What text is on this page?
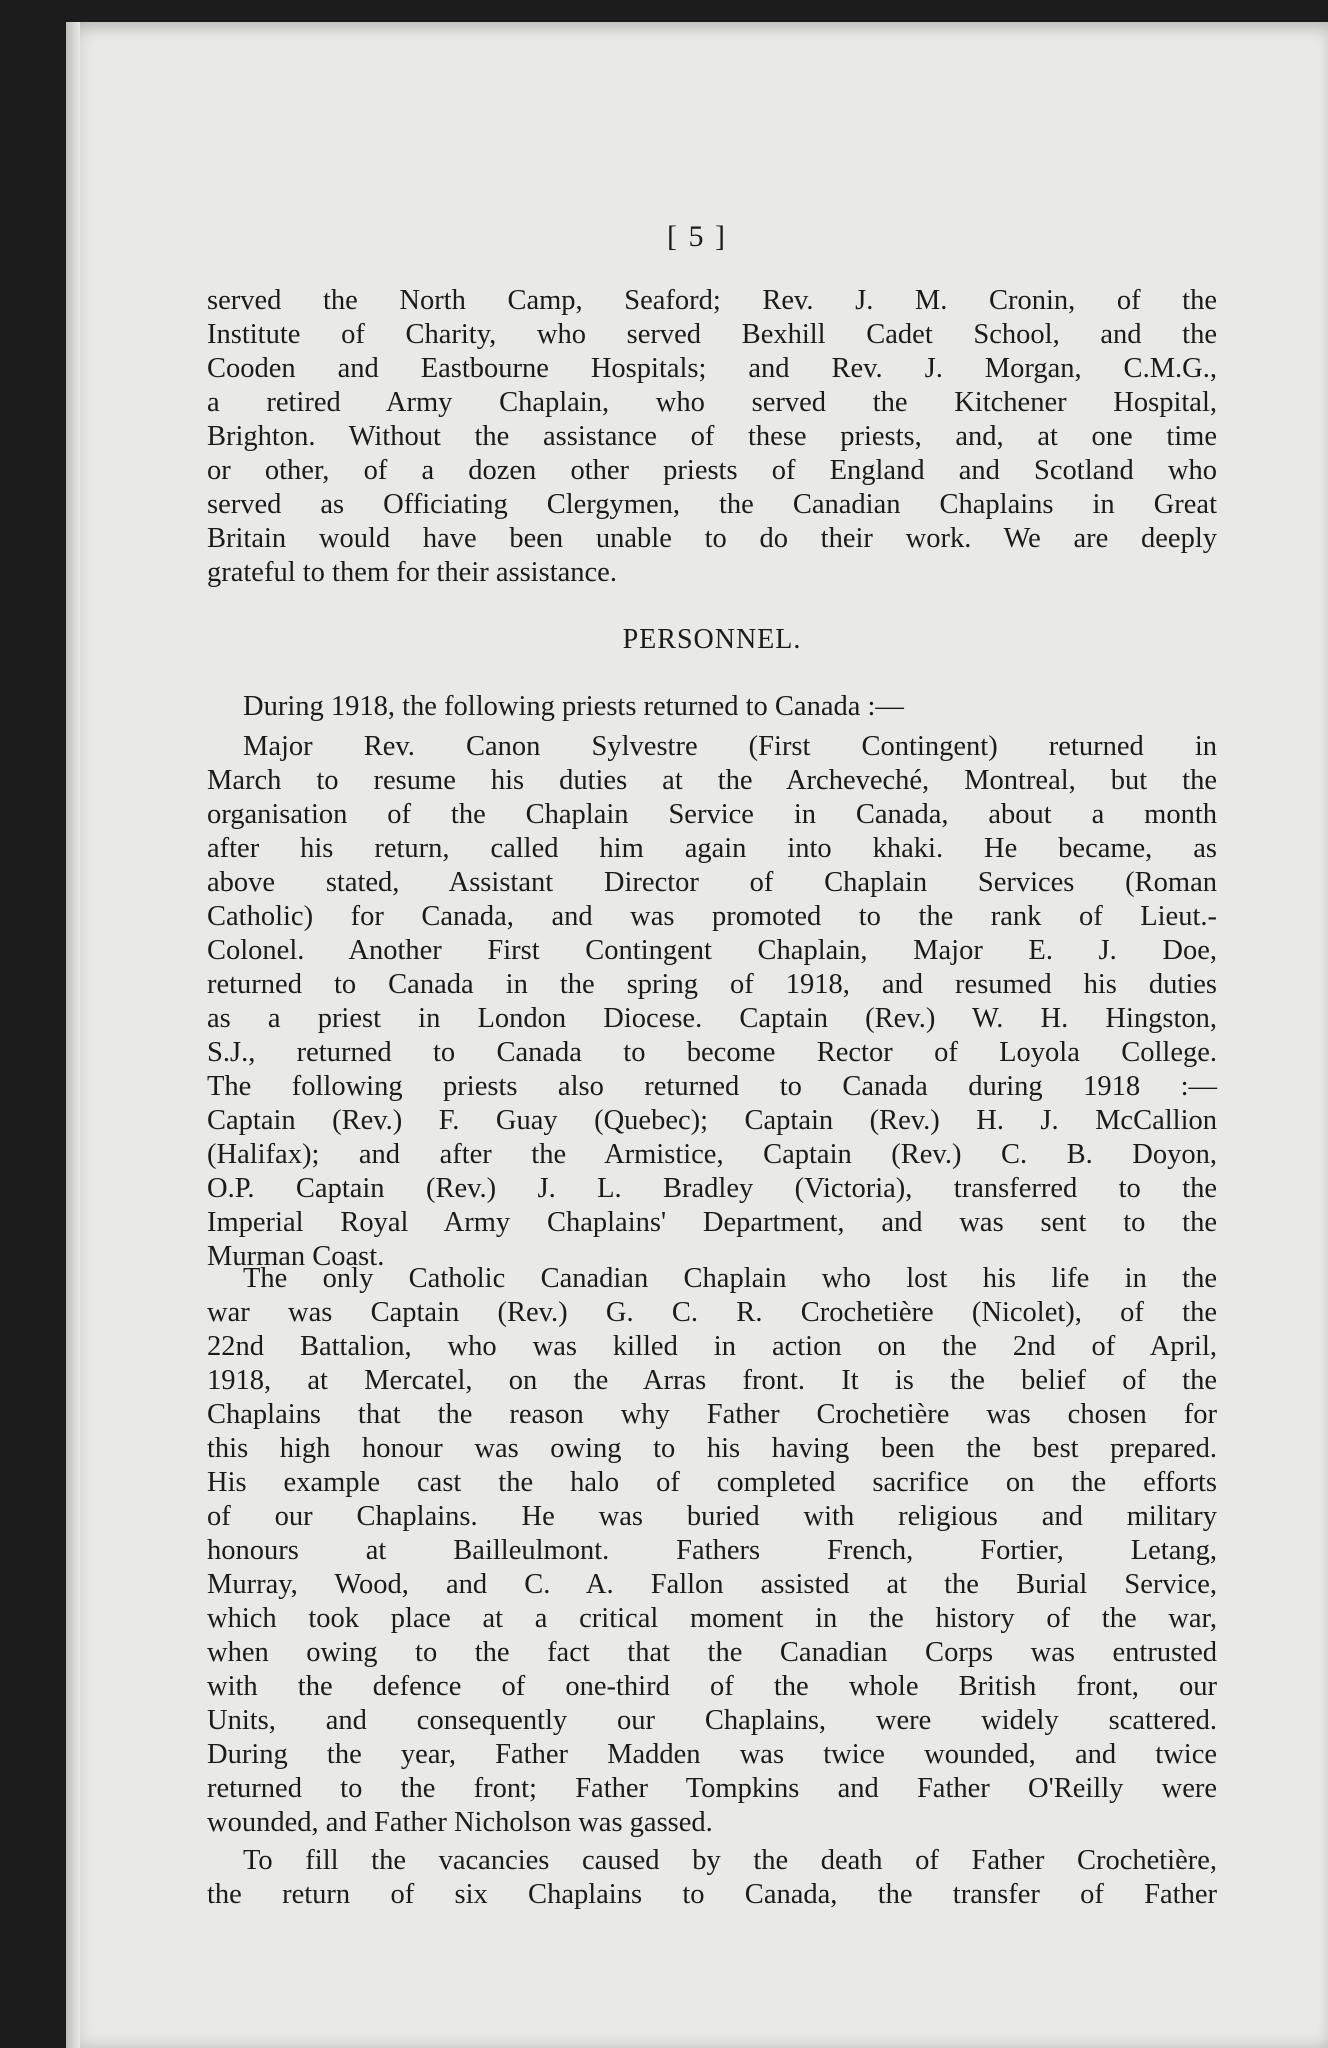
[ 5 ]

served the North Camp, Seaford; Rev. J. M. Cronin, of the
Institute of Charity, who served Bexhill Cadet School, and the
Cooden and Eastbourne Hospitals; and Rev. J. Morgan, C.M.G.,
a retired Army Chaplain, who served the Kitchener Hospital,
Brighton. Without the assistance of these priests, and, at one time
or other, of a dozen other priests of England and Scotland who
served as Officiating Clergymen, the Canadian Chaplains in Great
Britain would have been unable to do their work. We are deeply
grateful to them for their assistance.

PERSONNEL.

During 1918, the following priests returned to Canada :—

Major Rev. Canon Sylvestre (First Contingent) returned in
March to resume his duties at the Archeveché, Montreal, but the
organisation of the Chaplain Service in Canada, about a month
after his return, called him again into khaki. He became, as
above stated, Assistant Director of Chaplain Services (Roman
Catholic) for Canada, and was promoted to the rank of Lieut.-
Colonel. Another First Contingent Chaplain, Major E. J. Doe,
returned to Canada in the spring of 1918, and resumed his duties
as a priest in London Diocese. Captain (Rev.) W. H. Hingston,
S.J., returned to Canada to become Rector of Loyola College.
The following priests also returned to Canada during 1918 :—
Captain (Rev.) F. Guay (Quebec); Captain (Rev.) H. J. McCallion
(Halifax); and after the Armistice, Captain (Rev.) C. B. Doyon,
O.P. Captain (Rev.) J. L. Bradley (Victoria), transferred to the
Imperial Royal Army Chaplains' Department, and was sent to the
Murman Coast.

The only Catholic Canadian Chaplain who lost his life in the
war was Captain (Rev.) G. C. R. Crochetière (Nicolet), of the
22nd Battalion, who was killed in action on the 2nd of April,
1918, at Mercatel, on the Arras front. It is the belief of the
Chaplains that the reason why Father Crochetière was chosen for
this high honour was owing to his having been the best prepared.
His example cast the halo of completed sacrifice on the efforts
of our Chaplains. He was buried with religious and military
honours at Bailleulmont. Fathers French, Fortier, Letang,
Murray, Wood, and C. A. Fallon assisted at the Burial Service,
which took place at a critical moment in the history of the war,
when owing to the fact that the Canadian Corps was entrusted
with the defence of one-third of the whole British front, our
Units, and consequently our Chaplains, were widely scattered.
During the year, Father Madden was twice wounded, and twice
returned to the front; Father Tompkins and Father O'Reilly were
wounded, and Father Nicholson was gassed.

To fill the vacancies caused by the death of Father Crochetière,
the return of six Chaplains to Canada, the transfer of Father
